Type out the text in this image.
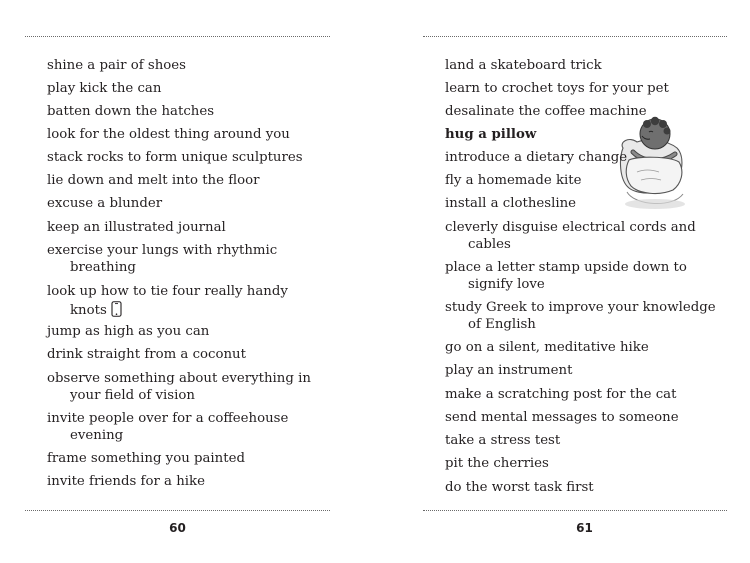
shine a pair of shoes
play kick the can
batten down the hatches
look for the oldest thing around you
stack rocks to form unique sculptures
lie down and melt into the floor
excuse a blunder
keep an illustrated journal
exercise your lungs with rhythmic
breathing
look up how to tie four really handy
knots
jump as high as you can
drink straight from a coconut
observe something about everything in
your field of vision
invite people over for a coffeehouse
evening
frame something you painted
invite friends for a hike
60
land a skateboard trick
learn to crochet toys for your pet
desalinate the coffee machine
hug a pillow
introduce a dietary change
fly a homemade kite
install a clothesline
cleverly disguise electrical cords and
cables
place a letter stamp upside down to
signify love
study Greek to improve your knowledge
of English
go on a silent, meditative hike
play an instrument
make a scratching post for the cat
send mental messages to someone
take a stress test
pit the cherries
do the worst task first
61
